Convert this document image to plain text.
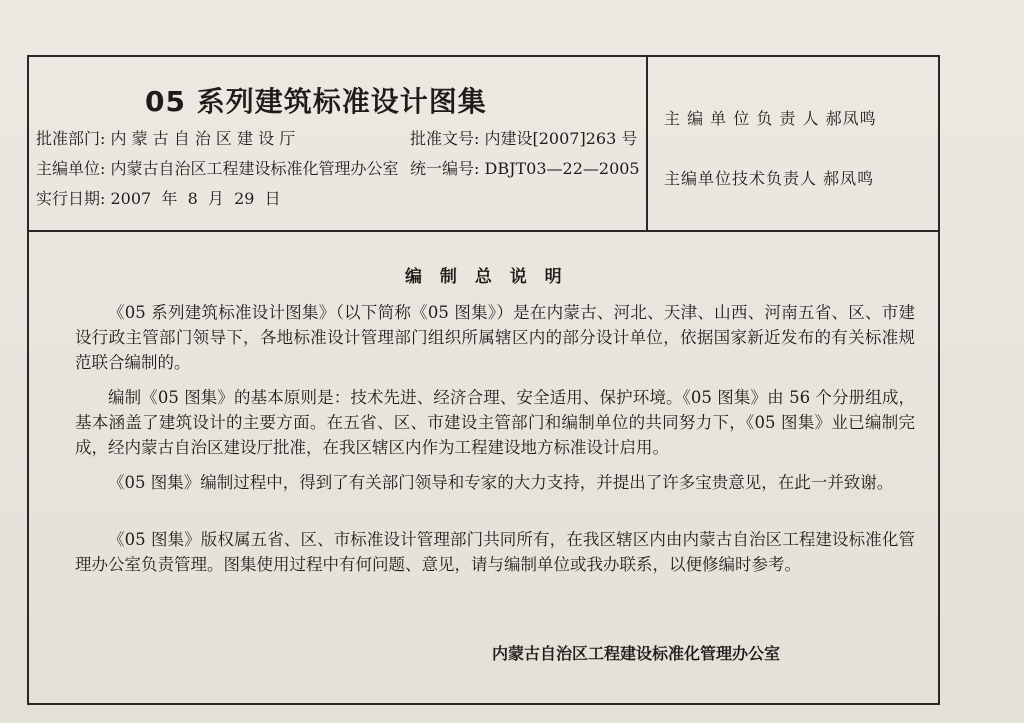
05 系列建筑标准设计图集
批准部门: 内 蒙 古 自 治 区 建 设 厅	批准文号: 内建设[2007]263 号
主编单位: 内蒙古自治区工程建设标准化管理办公室 统一编号: DBJT03—22—2005
实行日期: 2007  年  8  月  29  日
主 编 单 位 负 责 人 郝凤鸣
主编单位技术负责人 郝凤鸣
编 制 总 说 明

《05 系列建筑标准设计图集》（以下简称《05 图集》）是在内蒙古、河北、天津、山西、河南五省、区、市建设行政主管部门领导下，各地标准设计管理部门组织所属辖区内的部分设计单位，依据国家新近发布的有关标准规范联合编制的。

编制《05 图集》的基本原则是：技术先进、经济合理、安全适用、保护环境。《05 图集》由 56 个分册组成，基本涵盖了建筑设计的主要方面。在五省、区、市建设主管部门和编制单位的共同努力下，《05 图集》业已编制完成，经内蒙古自治区建设厅批准，在我区辖区内作为工程建设地方标准设计启用。

《05 图集》编制过程中，得到了有关部门领导和专家的大力支持，并提出了许多宝贵意见，在此一并致谢。

《05 图集》版权属五省、区、市标准设计管理部门共同所有，在我区辖区内由内蒙古自治区工程建设标准化管理办公室负责管理。图集使用过程中有何问题、意见，请与编制单位或我办联系，以便修编时参考。

内蒙古自治区工程建设标准化管理办公室
